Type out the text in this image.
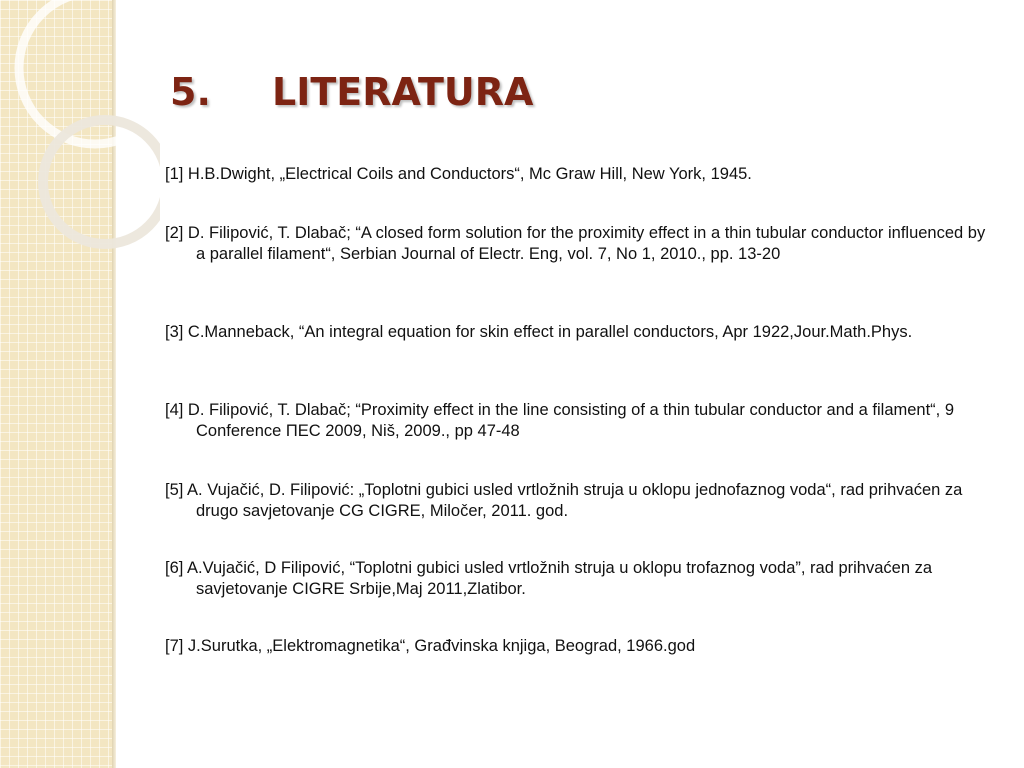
5. LITERATURA

[1] H.B.Dwight, „Electrical Coils and Conductors“, Mc Graw Hill, New York, 1945.

[2] D. Filipović, T. Dlabač; “A closed form solution for the proximity effect in a thin tubular conductor influenced by a parallel filament“, Serbian Journal of Electr. Eng, vol. 7, No 1, 2010., pp. 13-20

[3] C.Manneback, “An integral equation for skin effect in parallel conductors, Apr 1922,Jour.Math.Phys.

[4] D. Filipović, T. Dlabač; “Proximity effect in the line consisting of a thin tubular conductor and a filament“, 9 Conference ПЕС 2009, Niš, 2009., pp 47-48

[5] A. Vujačić, D. Filipović: „Toplotni gubici usled vrtložnih struja u oklopu jednofaznog voda“, rad prihvaćen za drugo savjetovanje CG CIGRE, Miločer, 2011. god.

[6] A.Vujačić, D Filipović, “Toplotni gubici usled vrtložnih struja u oklopu trofaznog voda”, rad prihvaćen za savjetovanje CIGRE Srbije,Maj 2011,Zlatibor.

[7] J.Surutka, „Elektromagnetika“, Građvinska knjiga, Beograd, 1966.god
